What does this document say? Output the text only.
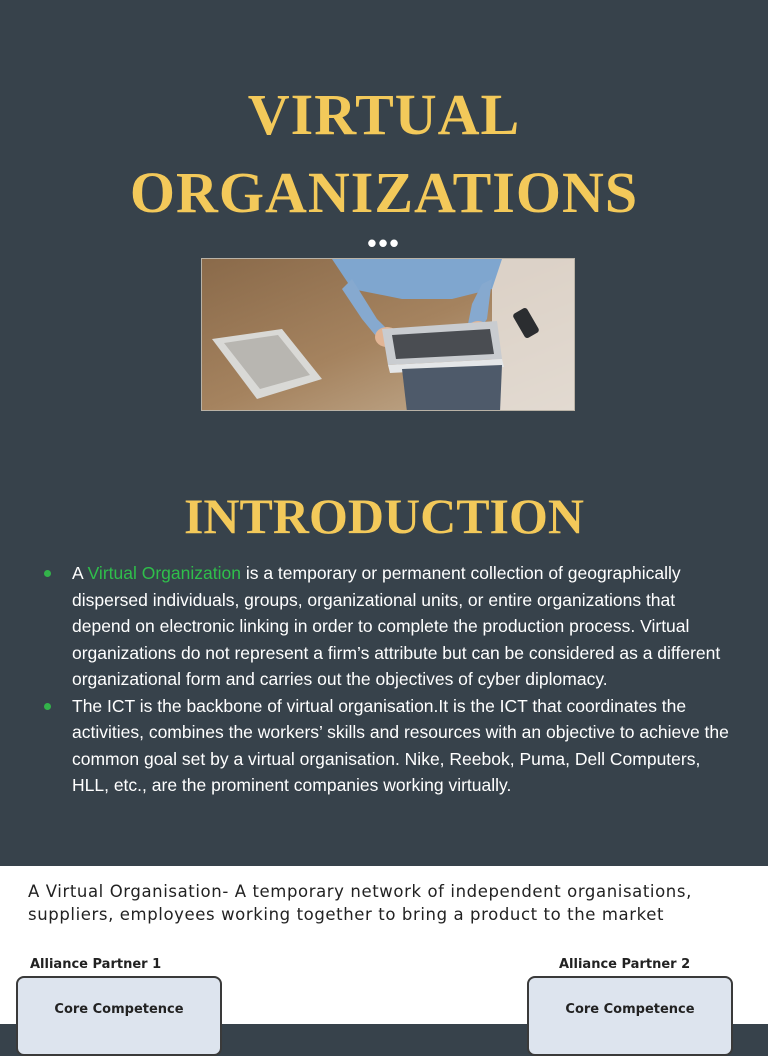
VIRTUAL
ORGANIZATIONS
•••
INTRODUCTION
A Virtual Organization is a temporary or permanent collection of geographically dispersed individuals, groups, organizational units, or entire organizations that depend on electronic linking in order to complete the production process. Virtual organizations do not represent a firm’s attribute but can be considered as a different organizational form and carries out the objectives of cyber diplomacy.
The ICT is the backbone of virtual organisation.It is the ICT that coordinates the activities, combines the workers’ skills and resources with an objective to achieve the common goal set by a virtual organisation. Nike, Reebok, Puma, Dell Computers, HLL, etc., are the prominent companies working virtually.

A Virtual Organisation- A temporary network of independent organisations, suppliers, employees working together to bring a product to the market

Alliance Partner 1	Alliance Partner 2
Core Competence	Core Competence
